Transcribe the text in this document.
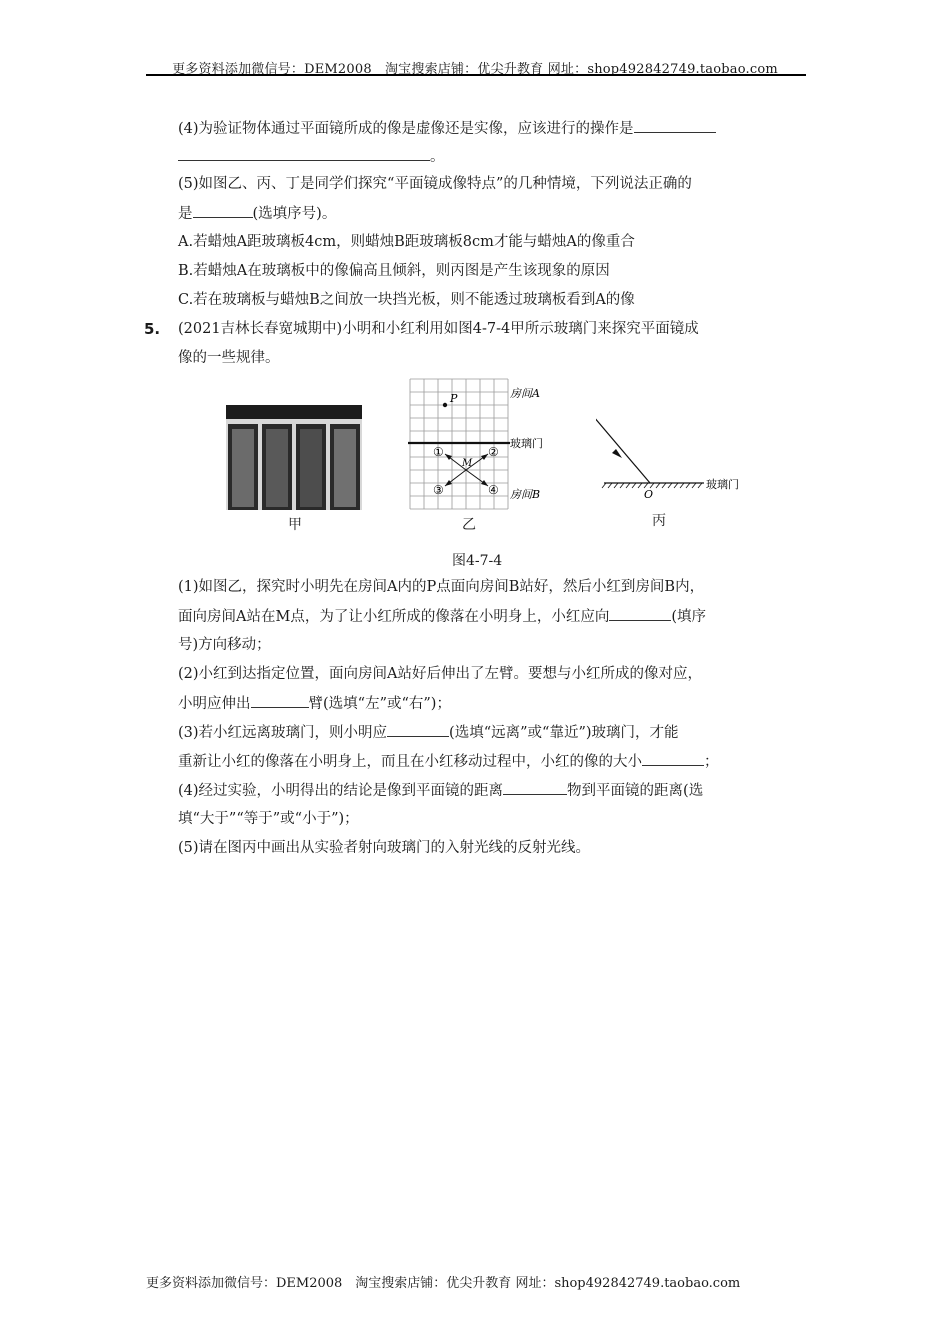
更多资料添加微信号：DEM2008　淘宝搜索店铺：优尖升教育 网址：shop492842749.taobao.com
(4)为验证物体通过平面镜所成的像是虚像还是实像，应该进行的操作是
。
(5)如图乙、丙、丁是同学们探究“平面镜成像特点”的几种情境，下列说法正确的
是	(选填序号)。
A.若蜡烛A距玻璃板4cm，则蜡烛B距玻璃板8cm才能与蜡烛A的像重合
B.若蜡烛A在玻璃板中的像偏高且倾斜，则丙图是产生该现象的原因
C.若在玻璃板与蜡烛B之间放一块挡光板，则不能透过玻璃板看到A的像
5. (2021吉林长春宽城期中)小明和小红利用如图4-7-4甲所示玻璃门来探究平面镜成
像的一些规律。
甲
P
M
①	②
③	④
房间A
玻璃门
房间B
乙
O
玻璃门
丙
图4-7-4
(1)如图乙，探究时小明先在房间A内的P点面向房间B站好，然后小红到房间B内，
面向房间A站在M点，为了让小红所成的像落在小明身上，小红应向	(填序
号)方向移动；
(2)小红到达指定位置，面向房间A站好后伸出了左臂。要想与小红所成的像对应，
小明应伸出	臂(选填“左”或“右”)；
(3)若小红远离玻璃门，则小明应	(选填“远离”或“靠近”)玻璃门，才能
重新让小红的像落在小明身上，而且在小红移动过程中，小红的像的大小	；
(4)经过实验，小明得出的结论是像到平面镜的距离	物到平面镜的距离(选
填“大于”“等于”或“小于”)；
(5)请在图丙中画出从实验者射向玻璃门的入射光线的反射光线。
更多资料添加微信号：DEM2008　淘宝搜索店铺：优尖升教育 网址：shop492842749.taobao.com
